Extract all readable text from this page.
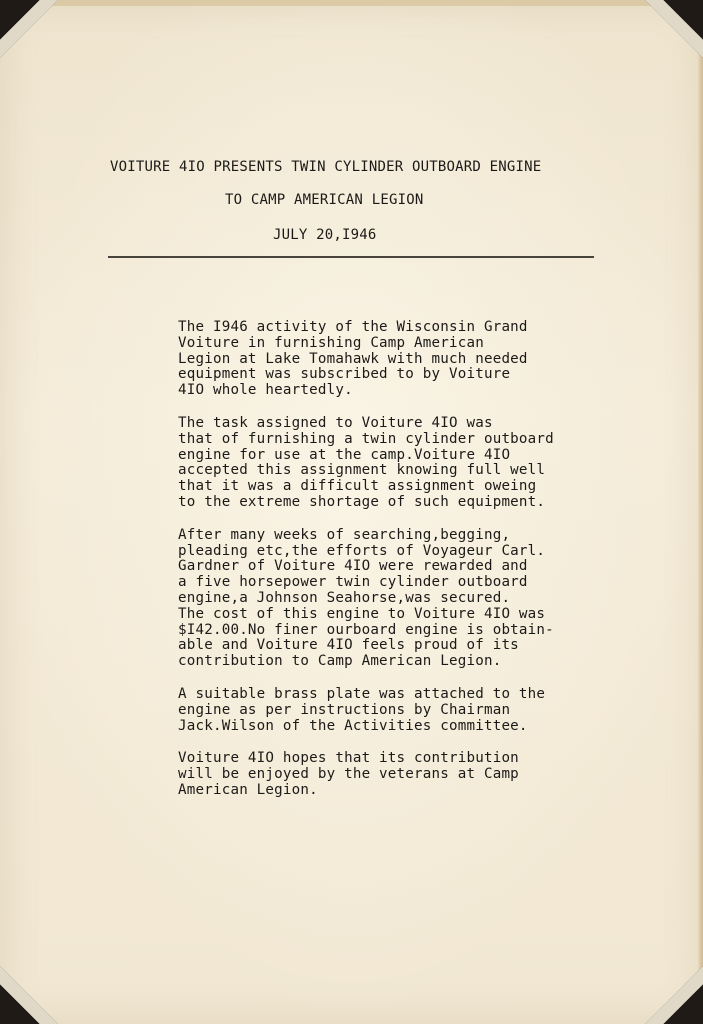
VOITURE 4IO PRESENTS TWIN CYLINDER OUTBOARD ENGINE
TO CAMP AMERICAN LEGION
JULY 20,I946

The I946 activity of the Wisconsin Grand
Voiture in furnishing Camp American
Legion at Lake Tomahawk with much needed
equipment was subscribed to by Voiture
4IO whole heartedly.

The task assigned to Voiture 4IO was
that of furnishing a twin cylinder outboard
engine for use at the camp.Voiture 4IO
accepted this assignment knowing full well
that it was a difficult assignment oweing
to the extreme shortage of such equipment.

After many weeks of searching,begging,
pleading etc,the efforts of Voyageur Carl.
Gardner of Voiture 4IO were rewarded and
a five horsepower twin cylinder outboard
engine,a Johnson Seahorse,was secured.
The cost of this engine to Voiture 4IO was
$I42.00.No finer ourboard engine is obtain-
able and Voiture 4IO feels proud of its
contribution to Camp American Legion.

A suitable brass plate was attached to the
engine as per instructions by Chairman
Jack.Wilson of the Activities committee.

Voiture 4IO hopes that its contribution
will be enjoyed by the veterans at Camp
American Legion.
